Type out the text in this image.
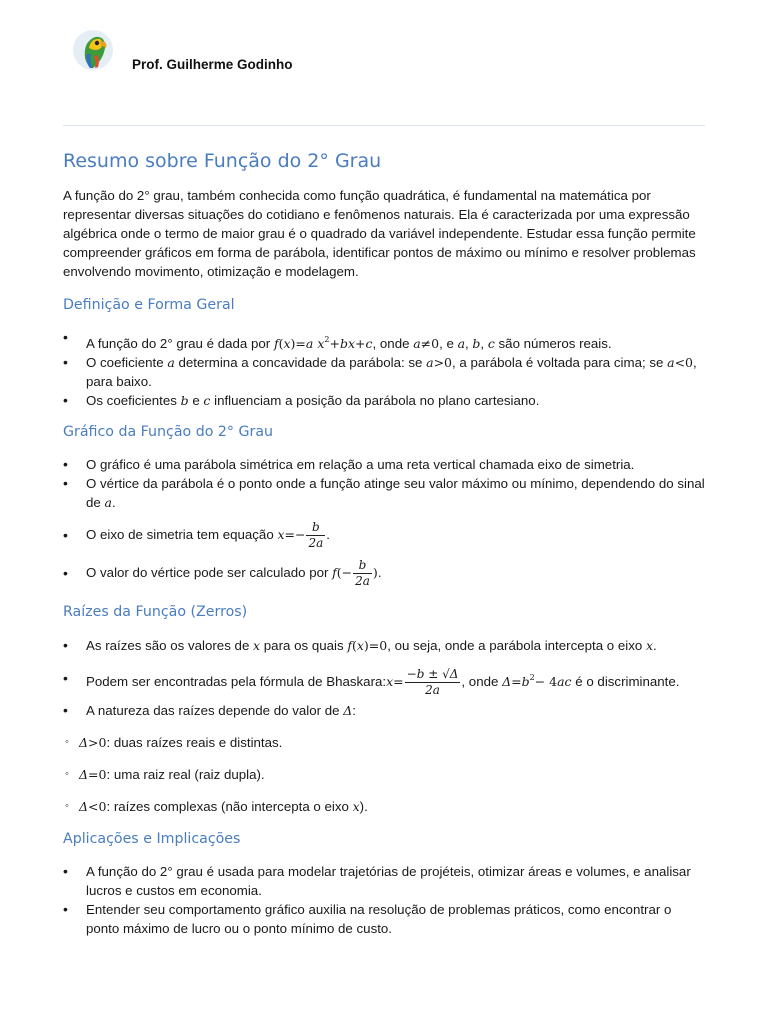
Prof. Guilherme Godinho
Resumo sobre Função do 2° Grau

A função do 2° grau, também conhecida como função quadrática, é fundamental na matemática por representar diversas situações do cotidiano e fenômenos naturais. Ela é caracterizada por uma expressão algébrica onde o termo de maior grau é o quadrado da variável independente. Estudar essa função permite compreender gráficos em forma de parábola, identificar pontos de máximo ou mínimo e resolver problemas envolvendo movimento, otimização e modelagem.

Definição e Forma Geral
• A função do 2° grau é dada por f(x)=a $x^2+bx+c$, onde a≠0, e a, b, c são números reais.
• O coeficiente a determina a concavidade da parábola: se a>0, a parábola é voltada para cima; se a<0, para baixo.
• Os coeficientes b e c influenciam a posição da parábola no plano cartesiano.
Gráfico da Função do 2° Grau
• O gráfico é uma parábola simétrica em relação a uma reta vertical chamada eixo de simetria.
• O vértice da parábola é o ponto onde a função atinge seu valor máximo ou mínimo, dependendo do sinal de a.
• O eixo de simetria tem equação $x=- \frac{b}{2a}$ .
• O valor do vértice pode ser calculado por $f(- \frac{b}{2a}$ ).
Raízes da Função (Zerros)
• As raízes são os valores de x para os quais f(x)=0, ou seja, onde a parábola intercepta o eixo x.
• Podem ser encontradas pela fórmula de Bhaskara:x= $\frac{-b \pm √\Delta}{2a}$ , onde $\Delta=b^2- 4ac$ é o discriminante.
• A natureza das raízes depende do valor de Δ:
◦ Δ>0: duas raízes reais e distintas.
◦ Δ=0: uma raiz real (raiz dupla).
◦ Δ<0: raízes complexas (não intercepta o eixo x).
Aplicações e Implicações
• A função do 2° grau é usada para modelar trajetórias de projéteis, otimizar áreas e volumes, e analisar lucros e custos em economia.
• Entender seu comportamento gráfico auxilia na resolução de problemas práticos, como encontrar o ponto máximo de lucro ou o ponto mínimo de custo.
